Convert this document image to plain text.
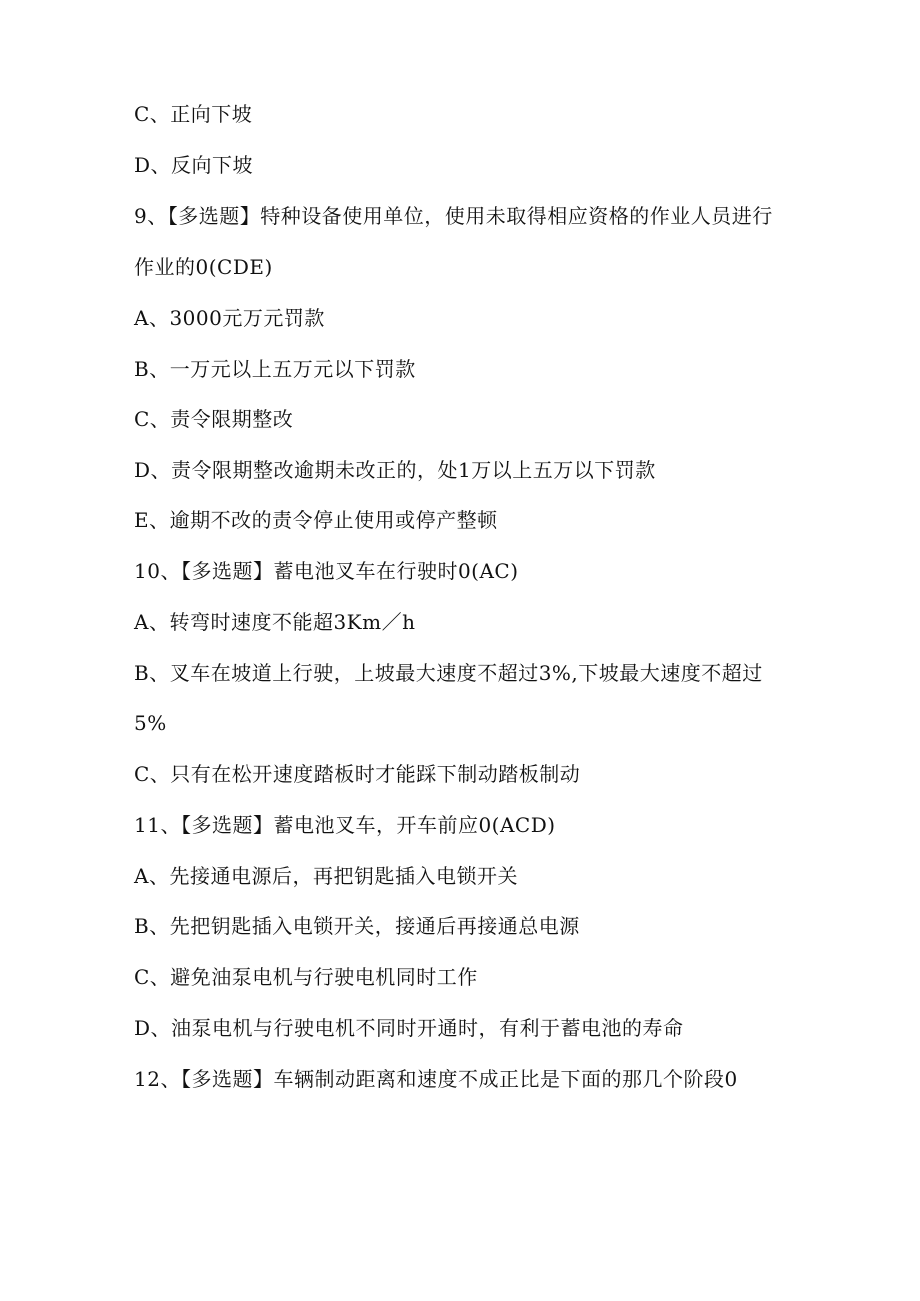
C、正向下坡

D、反向下坡

9、【多选题】特种设备使用单位，使用未取得相应资格的作业人员进行

作业的0(CDE)

A、3000元万元罚款

B、一万元以上五万元以下罚款

C、责令限期整改

D、责令限期整改逾期未改正的，处1万以上五万以下罚款

E、逾期不改的责令停止使用或停产整顿

10、【多选题】蓄电池叉车在行驶时0(AC)

A、转弯时速度不能超3Km／h

B、叉车在坡道上行驶，上坡最大速度不超过3%,下坡最大速度不超过

5%

C、只有在松开速度踏板时才能踩下制动踏板制动

11、【多选题】蓄电池叉车，开车前应0(ACD)

A、先接通电源后，再把钥匙插入电锁开关

B、先把钥匙插入电锁开关，接通后再接通总电源

C、避免油泵电机与行驶电机同时工作

D、油泵电机与行驶电机不同时开通时，有利于蓄电池的寿命

12、【多选题】车辆制动距离和速度不成正比是下面的那几个阶段0
